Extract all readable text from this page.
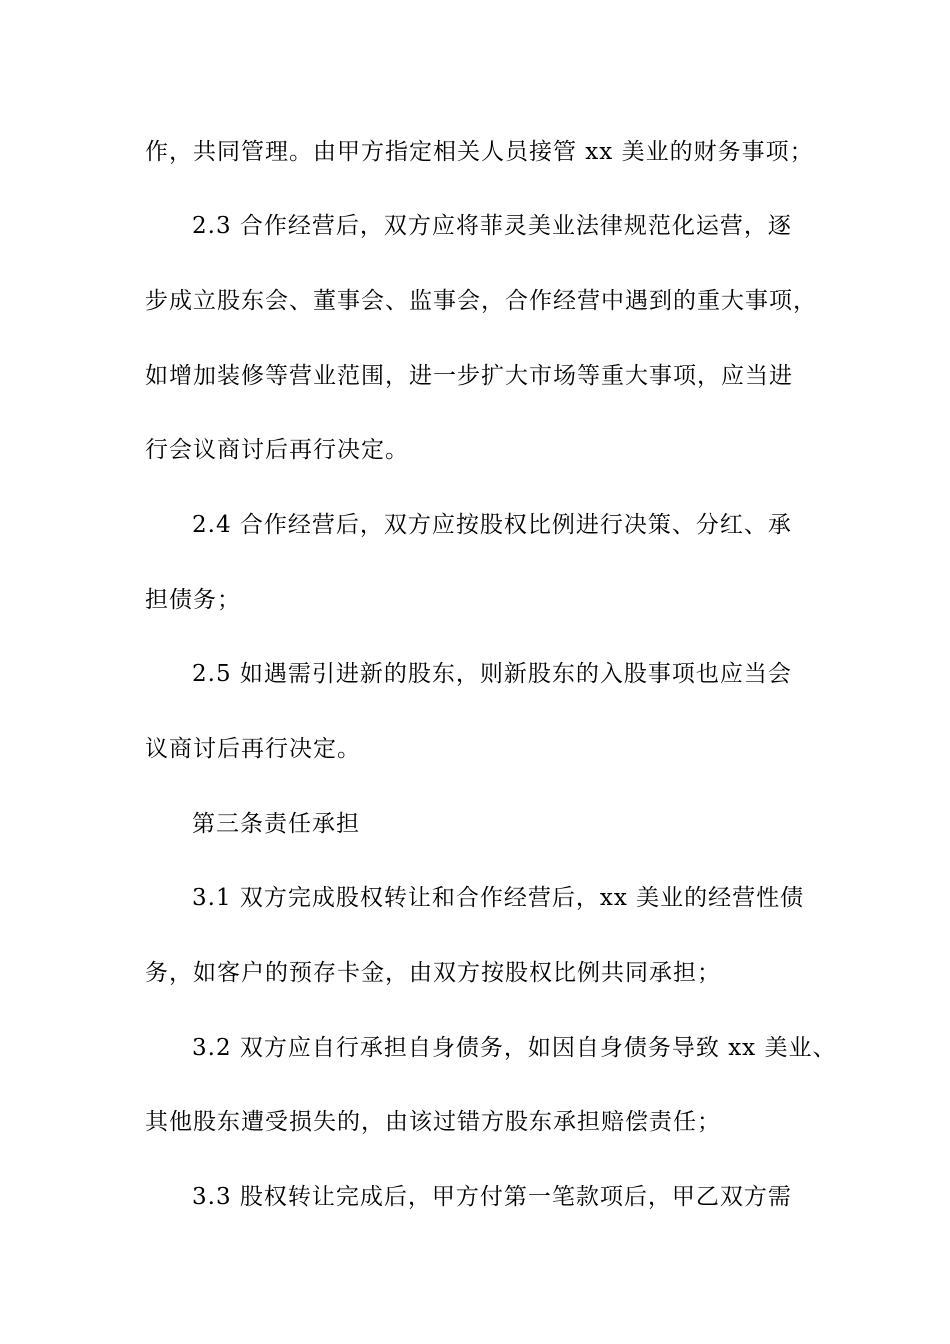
作，共同管理。由甲方指定相关人员接管 xx 美业的财务事项；
2.3 合作经营后，双方应将菲灵美业法律规范化运营，逐
步成立股东会、董事会、监事会，合作经营中遇到的重大事项，
如增加装修等营业范围，进一步扩大市场等重大事项，应当进
行会议商讨后再行决定。
2.4 合作经营后，双方应按股权比例进行决策、分红、承
担债务；
2.5 如遇需引进新的股东，则新股东的入股事项也应当会
议商讨后再行决定。
第三条责任承担
3.1 双方完成股权转让和合作经营后，xx 美业的经营性债
务，如客户的预存卡金，由双方按股权比例共同承担；
3.2 双方应自行承担自身债务，如因自身债务导致 xx 美业、
其他股东遭受损失的，由该过错方股东承担赔偿责任；
3.3 股权转让完成后，甲方付第一笔款项后，甲乙双方需
